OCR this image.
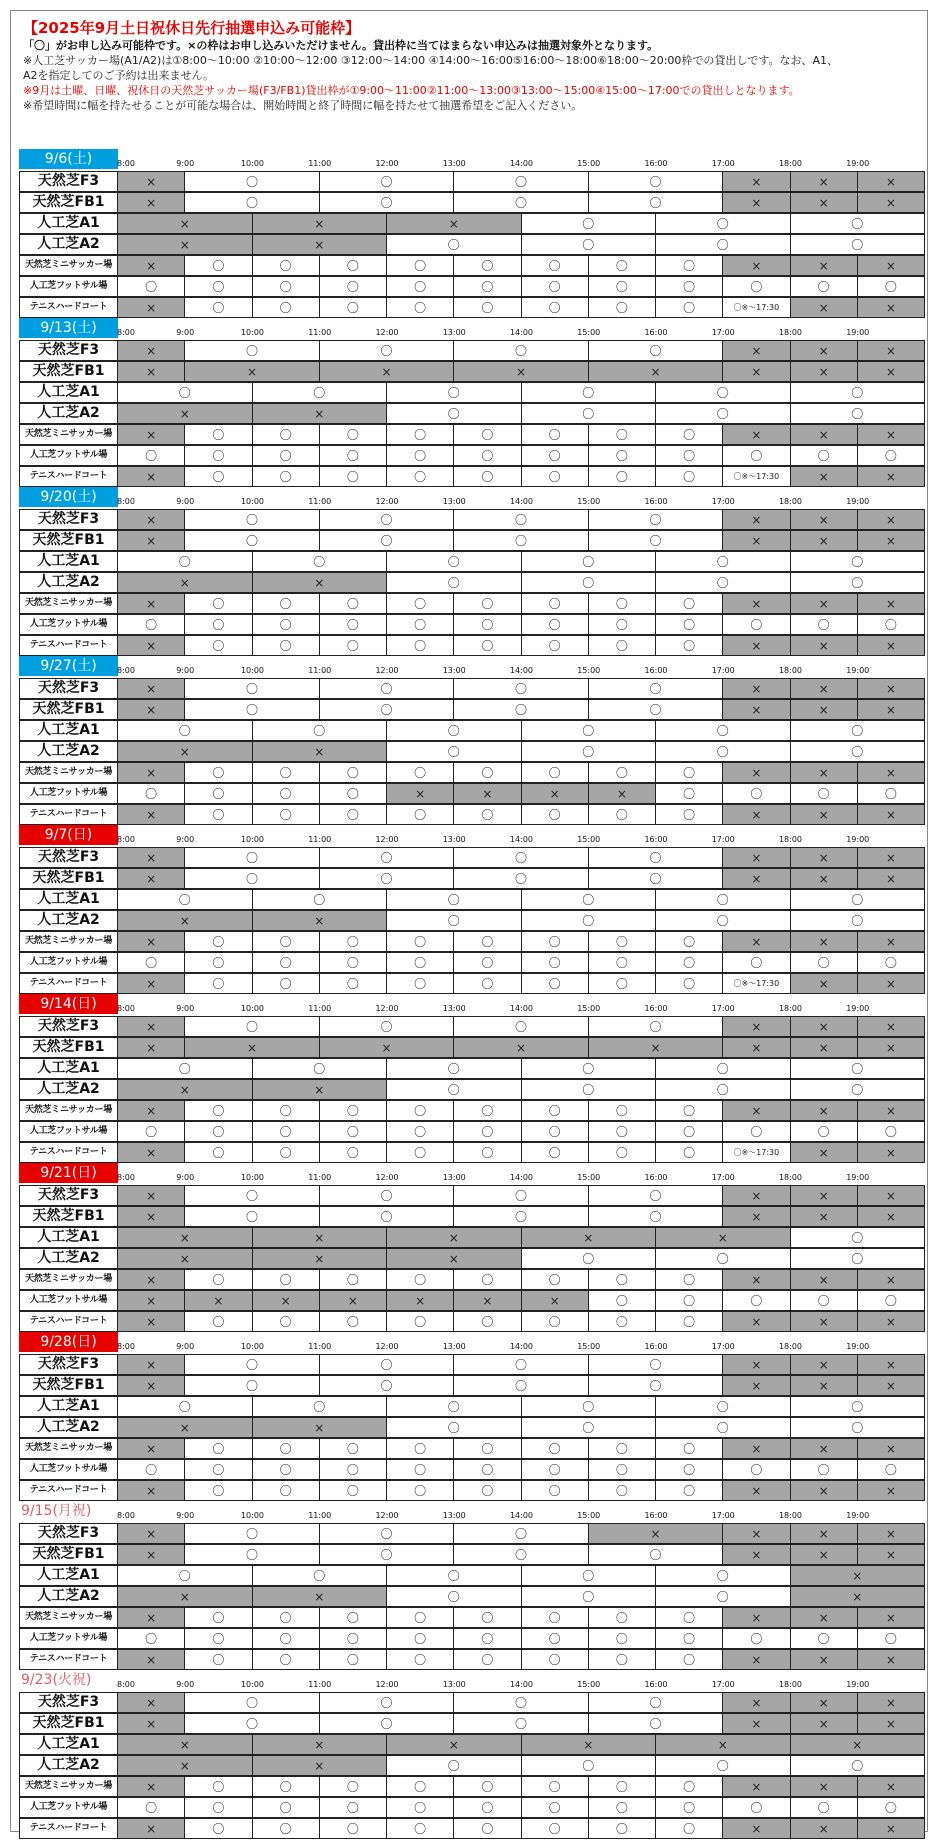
【2025年9月土日祝休日先行抽選申込み可能枠】
「〇」がお申し込み可能枠です。×の枠はお申し込みいただけません。貸出枠に当てはまらない申込みは抽選対象外となります。
※人工芝サッカー場(A1/A2)は①8:00～10:00 ②10:00～12:00 ③12:00～14:00 ④14:00～16:00⑤16:00～18:00⑥18:00～20:00枠での貸出しです。なお、A1、
A2を指定してのご予約は出来ません。
※9月は土曜、日曜、祝休日の天然芝サッカー場(F3/FB1)貸出枠が①9:00～11:00②11:00～13:00③13:00～15:00④15:00～17:00での貸出しとなります。
※希望時間に幅を持たせることが可能な場合は、開始時間と終了時間に幅を持たせて抽選希望をご記入ください。
9/6(土)	8:00	9:00	10:00	11:00	12:00	13:00	14:00	15:00	16:00	17:00	18:00	19:00
天然芝F3	×	〇	〇	〇	〇	×	×	×
天然芝FB1	×	〇	〇	〇	〇	×	×	×
人工芝A1	×	×	×	〇	〇	〇
人工芝A2	×	×	〇	〇	〇	〇
天然芝ミニサッカー場	×	〇	〇	〇	〇	〇	〇	〇	〇	×	×	×
人工芝フットサル場	〇	〇	〇	〇	〇	〇	〇	〇	〇	〇	〇	〇
テニスハードコート	×	〇	〇	〇	〇	〇	〇	〇	〇	〇※～17:30	×	×
9/13(土)	8:00	9:00	10:00	11:00	12:00	13:00	14:00	15:00	16:00	17:00	18:00	19:00
天然芝F3	×	〇	〇	〇	〇	×	×	×
天然芝FB1	×	×	×	×	×	×	×	×
人工芝A1	〇	〇	〇	〇	〇	〇
人工芝A2	×	×	〇	〇	〇	〇
天然芝ミニサッカー場	×	〇	〇	〇	〇	〇	〇	〇	〇	×	×	×
人工芝フットサル場	〇	〇	〇	〇	〇	〇	〇	〇	〇	〇	〇	〇
テニスハードコート	×	〇	〇	〇	〇	〇	〇	〇	〇	〇※～17:30	×	×
9/20(土)	8:00	9:00	10:00	11:00	12:00	13:00	14:00	15:00	16:00	17:00	18:00	19:00
天然芝F3	×	〇	〇	〇	〇	×	×	×
天然芝FB1	×	〇	〇	〇	〇	×	×	×
人工芝A1	〇	〇	〇	〇	〇	〇
人工芝A2	×	×	〇	〇	〇	〇
天然芝ミニサッカー場	×	〇	〇	〇	〇	〇	〇	〇	〇	×	×	×
人工芝フットサル場	〇	〇	〇	〇	〇	〇	〇	〇	〇	〇	〇	〇
テニスハードコート	×	〇	〇	〇	〇	〇	〇	〇	〇	×	×	×
9/27(土)	8:00	9:00	10:00	11:00	12:00	13:00	14:00	15:00	16:00	17:00	18:00	19:00
天然芝F3	×	〇	〇	〇	〇	×	×	×
天然芝FB1	×	〇	〇	〇	〇	×	×	×
人工芝A1	〇	〇	〇	〇	〇	〇
人工芝A2	×	×	〇	〇	〇	〇
天然芝ミニサッカー場	×	〇	〇	〇	〇	〇	〇	〇	〇	×	×	×
人工芝フットサル場	〇	〇	〇	〇	×	×	×	×	〇	〇	〇	〇
テニスハードコート	×	〇	〇	〇	〇	〇	〇	〇	〇	×	×	×
9/7(日)	8:00	9:00	10:00	11:00	12:00	13:00	14:00	15:00	16:00	17:00	18:00	19:00
天然芝F3	×	〇	〇	〇	〇	×	×	×
天然芝FB1	×	〇	〇	〇	〇	×	×	×
人工芝A1	〇	〇	〇	〇	〇	〇
人工芝A2	×	×	〇	〇	〇	〇
天然芝ミニサッカー場	×	〇	〇	〇	〇	〇	〇	〇	〇	×	×	×
人工芝フットサル場	〇	〇	〇	〇	〇	〇	〇	〇	〇	〇	〇	〇
テニスハードコート	×	〇	〇	〇	〇	〇	〇	〇	〇	〇※～17:30	×	×
9/14(日)	8:00	9:00	10:00	11:00	12:00	13:00	14:00	15:00	16:00	17:00	18:00	19:00
天然芝F3	×	〇	〇	〇	〇	×	×	×
天然芝FB1	×	×	×	×	×	×	×	×
人工芝A1	〇	〇	〇	〇	〇	〇
人工芝A2	×	×	〇	〇	〇	〇
天然芝ミニサッカー場	×	〇	〇	〇	〇	〇	〇	〇	〇	×	×	×
人工芝フットサル場	〇	〇	〇	〇	〇	〇	〇	〇	〇	〇	〇	〇
テニスハードコート	×	〇	〇	〇	〇	〇	〇	〇	〇	〇※～17:30	×	×
9/21(日)	8:00	9:00	10:00	11:00	12:00	13:00	14:00	15:00	16:00	17:00	18:00	19:00
天然芝F3	×	〇	〇	〇	〇	×	×	×
天然芝FB1	×	〇	〇	〇	〇	×	×	×
人工芝A1	×	×	×	×	×	〇
人工芝A2	×	×	×	〇	〇	〇
天然芝ミニサッカー場	×	〇	〇	〇	〇	〇	〇	〇	〇	×	×	×
人工芝フットサル場	×	×	×	×	×	×	×	〇	〇	〇	〇	〇
テニスハードコート	×	〇	〇	〇	〇	〇	〇	〇	〇	×	×	×
9/28(日)	8:00	9:00	10:00	11:00	12:00	13:00	14:00	15:00	16:00	17:00	18:00	19:00
天然芝F3	×	〇	〇	〇	〇	×	×	×
天然芝FB1	×	〇	〇	〇	〇	×	×	×
人工芝A1	〇	〇	〇	〇	〇	〇
人工芝A2	×	×	〇	〇	〇	〇
天然芝ミニサッカー場	×	〇	〇	〇	〇	〇	〇	〇	〇	×	×	×
人工芝フットサル場	〇	〇	〇	〇	〇	〇	〇	〇	〇	〇	〇	〇
テニスハードコート	×	〇	〇	〇	〇	〇	〇	〇	〇	×	×	×
9/15(月祝)	8:00	9:00	10:00	11:00	12:00	13:00	14:00	15:00	16:00	17:00	18:00	19:00
天然芝F3	×	〇	〇	〇	×	×	×	×
天然芝FB1	×	〇	〇	〇	〇	×	×	×
人工芝A1	〇	〇	〇	〇	〇	×
人工芝A2	×	×	〇	〇	〇	×
天然芝ミニサッカー場	×	〇	〇	〇	〇	〇	〇	〇	〇	×	×	×
人工芝フットサル場	〇	〇	〇	〇	〇	〇	〇	〇	〇	〇	〇	〇
テニスハードコート	×	〇	〇	〇	〇	〇	〇	〇	〇	×	×	×
9/23(火祝)	8:00	9:00	10:00	11:00	12:00	13:00	14:00	15:00	16:00	17:00	18:00	19:00
天然芝F3	×	〇	〇	〇	〇	×	×	×
天然芝FB1	×	〇	〇	〇	〇	×	×	×
人工芝A1	×	×	×	×	×	×
人工芝A2	×	×	〇	〇	〇	〇
天然芝ミニサッカー場	×	〇	〇	〇	〇	〇	〇	〇	〇	×	×	×
人工芝フットサル場	〇	〇	〇	〇	〇	〇	〇	〇	〇	〇	〇	〇
テニスハードコート	×	〇	〇	〇	〇	〇	〇	〇	〇	×	×	×
